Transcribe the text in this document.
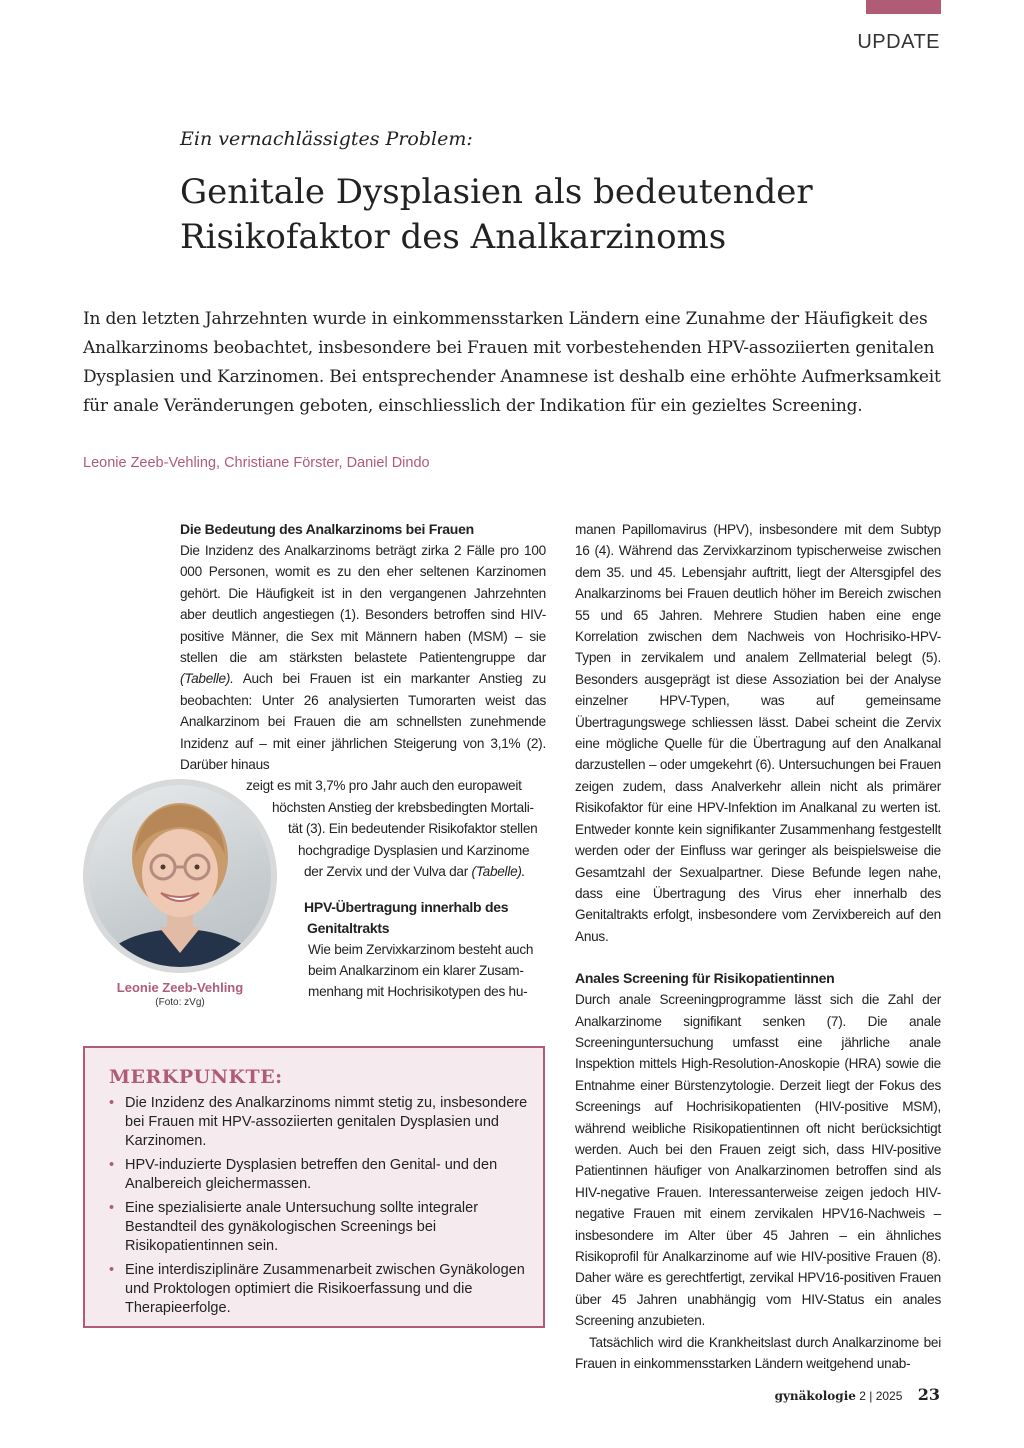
UPDATE
Ein vernachlässigtes Problem:
Genitale Dysplasien als bedeutender
Risikofaktor des Analkarzinoms

In den letzten Jahrzehnten wurde in einkommensstarken Ländern eine Zunahme der Häufigkeit des Analkarzinoms beobachtet, insbesondere bei Frauen mit vorbestehenden HPV-assoziierten genitalen Dysplasien und Karzinomen. Bei entsprechender Anamnese ist deshalb eine erhöhte Aufmerksamkeit für anale Veränderungen geboten, einschliesslich der Indikation für ein gezieltes Screening.

Leonie Zeeb-Vehling, Christiane Förster, Daniel Dindo
Die Bedeutung des Analkarzinoms bei Frauen

Die Inzidenz des Analkarzinoms beträgt zirka 2 Fälle pro 100 000 Personen, womit es zu den eher seltenen Karzinomen gehört. Die Häufigkeit ist in den vergangenen Jahrzehnten aber deutlich angestiegen (1). Besonders betroffen sind HIV-positive Männer, die Sex mit Männern haben (MSM) – sie stellen die am stärksten belastete Patientengruppe dar (Tabelle). Auch bei Frauen ist ein markanter Anstieg zu beobachten: Unter 26 analysierten Tumorarten weist das Analkarzinom bei Frauen die am schnellsten zunehmende Inzidenz auf – mit einer jährlichen Steigerung von 3,1% (2). Darüber hinaus

zeigt es mit 3,7% pro Jahr auch den europaweit
höchsten Anstieg der krebsbedingten Mortali-
tät (3). Ein bedeutender Risikofaktor stellen
hochgradige Dysplasien und Karzinome
der Zervix und der Vulva dar (Tabelle).
HPV-Übertragung innerhalb des
Genitaltrakts
Wie beim Zervixkarzinom besteht auch
beim Analkarzinom ein klarer Zusam-
menhang mit Hochrisikotypen des hu-
Leonie Zeeb-Vehling
(Foto: zVg)
MERKPUNKTE:
• Die Inzidenz des Analkarzinoms nimmt stetig zu, insbesondere bei Frauen mit HPV-assoziierten genitalen Dysplasien und Karzinomen.
• HPV-induzierte Dysplasien betreffen den Genital- und den Analbereich gleichermassen.
• Eine spezialisierte anale Untersuchung sollte integraler Bestandteil des gynäkologischen Screenings bei Risikopatientinnen sein.
• Eine interdisziplinäre Zusammenarbeit zwischen Gynäkologen und Proktologen optimiert die Risikoerfassung und die Therapieerfolge.

manen Papillomavirus (HPV), insbesondere mit dem Subtyp 16 (4). Während das Zervixkarzinom typischerweise zwischen dem 35. und 45. Lebensjahr auftritt, liegt der Altersgipfel des Analkarzinoms bei Frauen deutlich höher im Bereich zwischen 55 und 65 Jahren. Mehrere Studien haben eine enge Korrelation zwischen dem Nachweis von Hochrisiko-HPV-Typen in zervikalem und analem Zellmaterial belegt (5). Besonders ausgeprägt ist diese Assoziation bei der Analyse einzelner HPV-Typen, was auf gemeinsame Übertragungswege schliessen lässt. Dabei scheint die Zervix eine mögliche Quelle für die Übertragung auf den Analkanal darzustellen – oder umgekehrt (6). Untersuchungen bei Frauen zeigen zudem, dass Analverkehr allein nicht als primärer Risikofaktor für eine HPV-Infektion im Analkanal zu werten ist. Entweder konnte kein signifikanter Zusammenhang festgestellt werden oder der Einfluss war geringer als beispielsweise die Gesamtzahl der Sexualpartner. Diese Befunde legen nahe, dass eine Übertragung des Virus eher innerhalb des Genitaltrakts erfolgt, insbesondere vom Zervixbereich auf den Anus.

Anales Screening für Risikopatientinnen

Durch anale Screeningprogramme lässt sich die Zahl der Analkarzinome signifikant senken (7). Die anale Screeninguntersuchung umfasst eine jährliche anale Inspektion mittels High-Resolution-Anoskopie (HRA) sowie die Entnahme einer Bürstenzytologie. Derzeit liegt der Fokus des Screenings auf Hochrisikopatienten (HIV-positive MSM), während weibliche Risikopatientinnen oft nicht berücksichtigt werden. Auch bei den Frauen zeigt sich, dass HIV-positive Patientinnen häufiger von Analkarzinomen betroffen sind als HIV-negative Frauen. Interessanterweise zeigen jedoch HIV-negative Frauen mit einem zervikalen HPV16-Nachweis – insbesondere im Alter über 45 Jahren – ein ähnliches Risikoprofil für Analkarzinome auf wie HIV-positive Frauen (8). Daher wäre es gerechtfertigt, zervikal HPV16-positiven Frauen über 45 Jahren unabhängig vom HIV-Status ein anales Screening anzubieten.

Tatsächlich wird die Krankheitslast durch Analkarzinome bei Frauen in einkommensstarken Ländern weitgehend unab-

gynäkologie 2 | 2025 23
